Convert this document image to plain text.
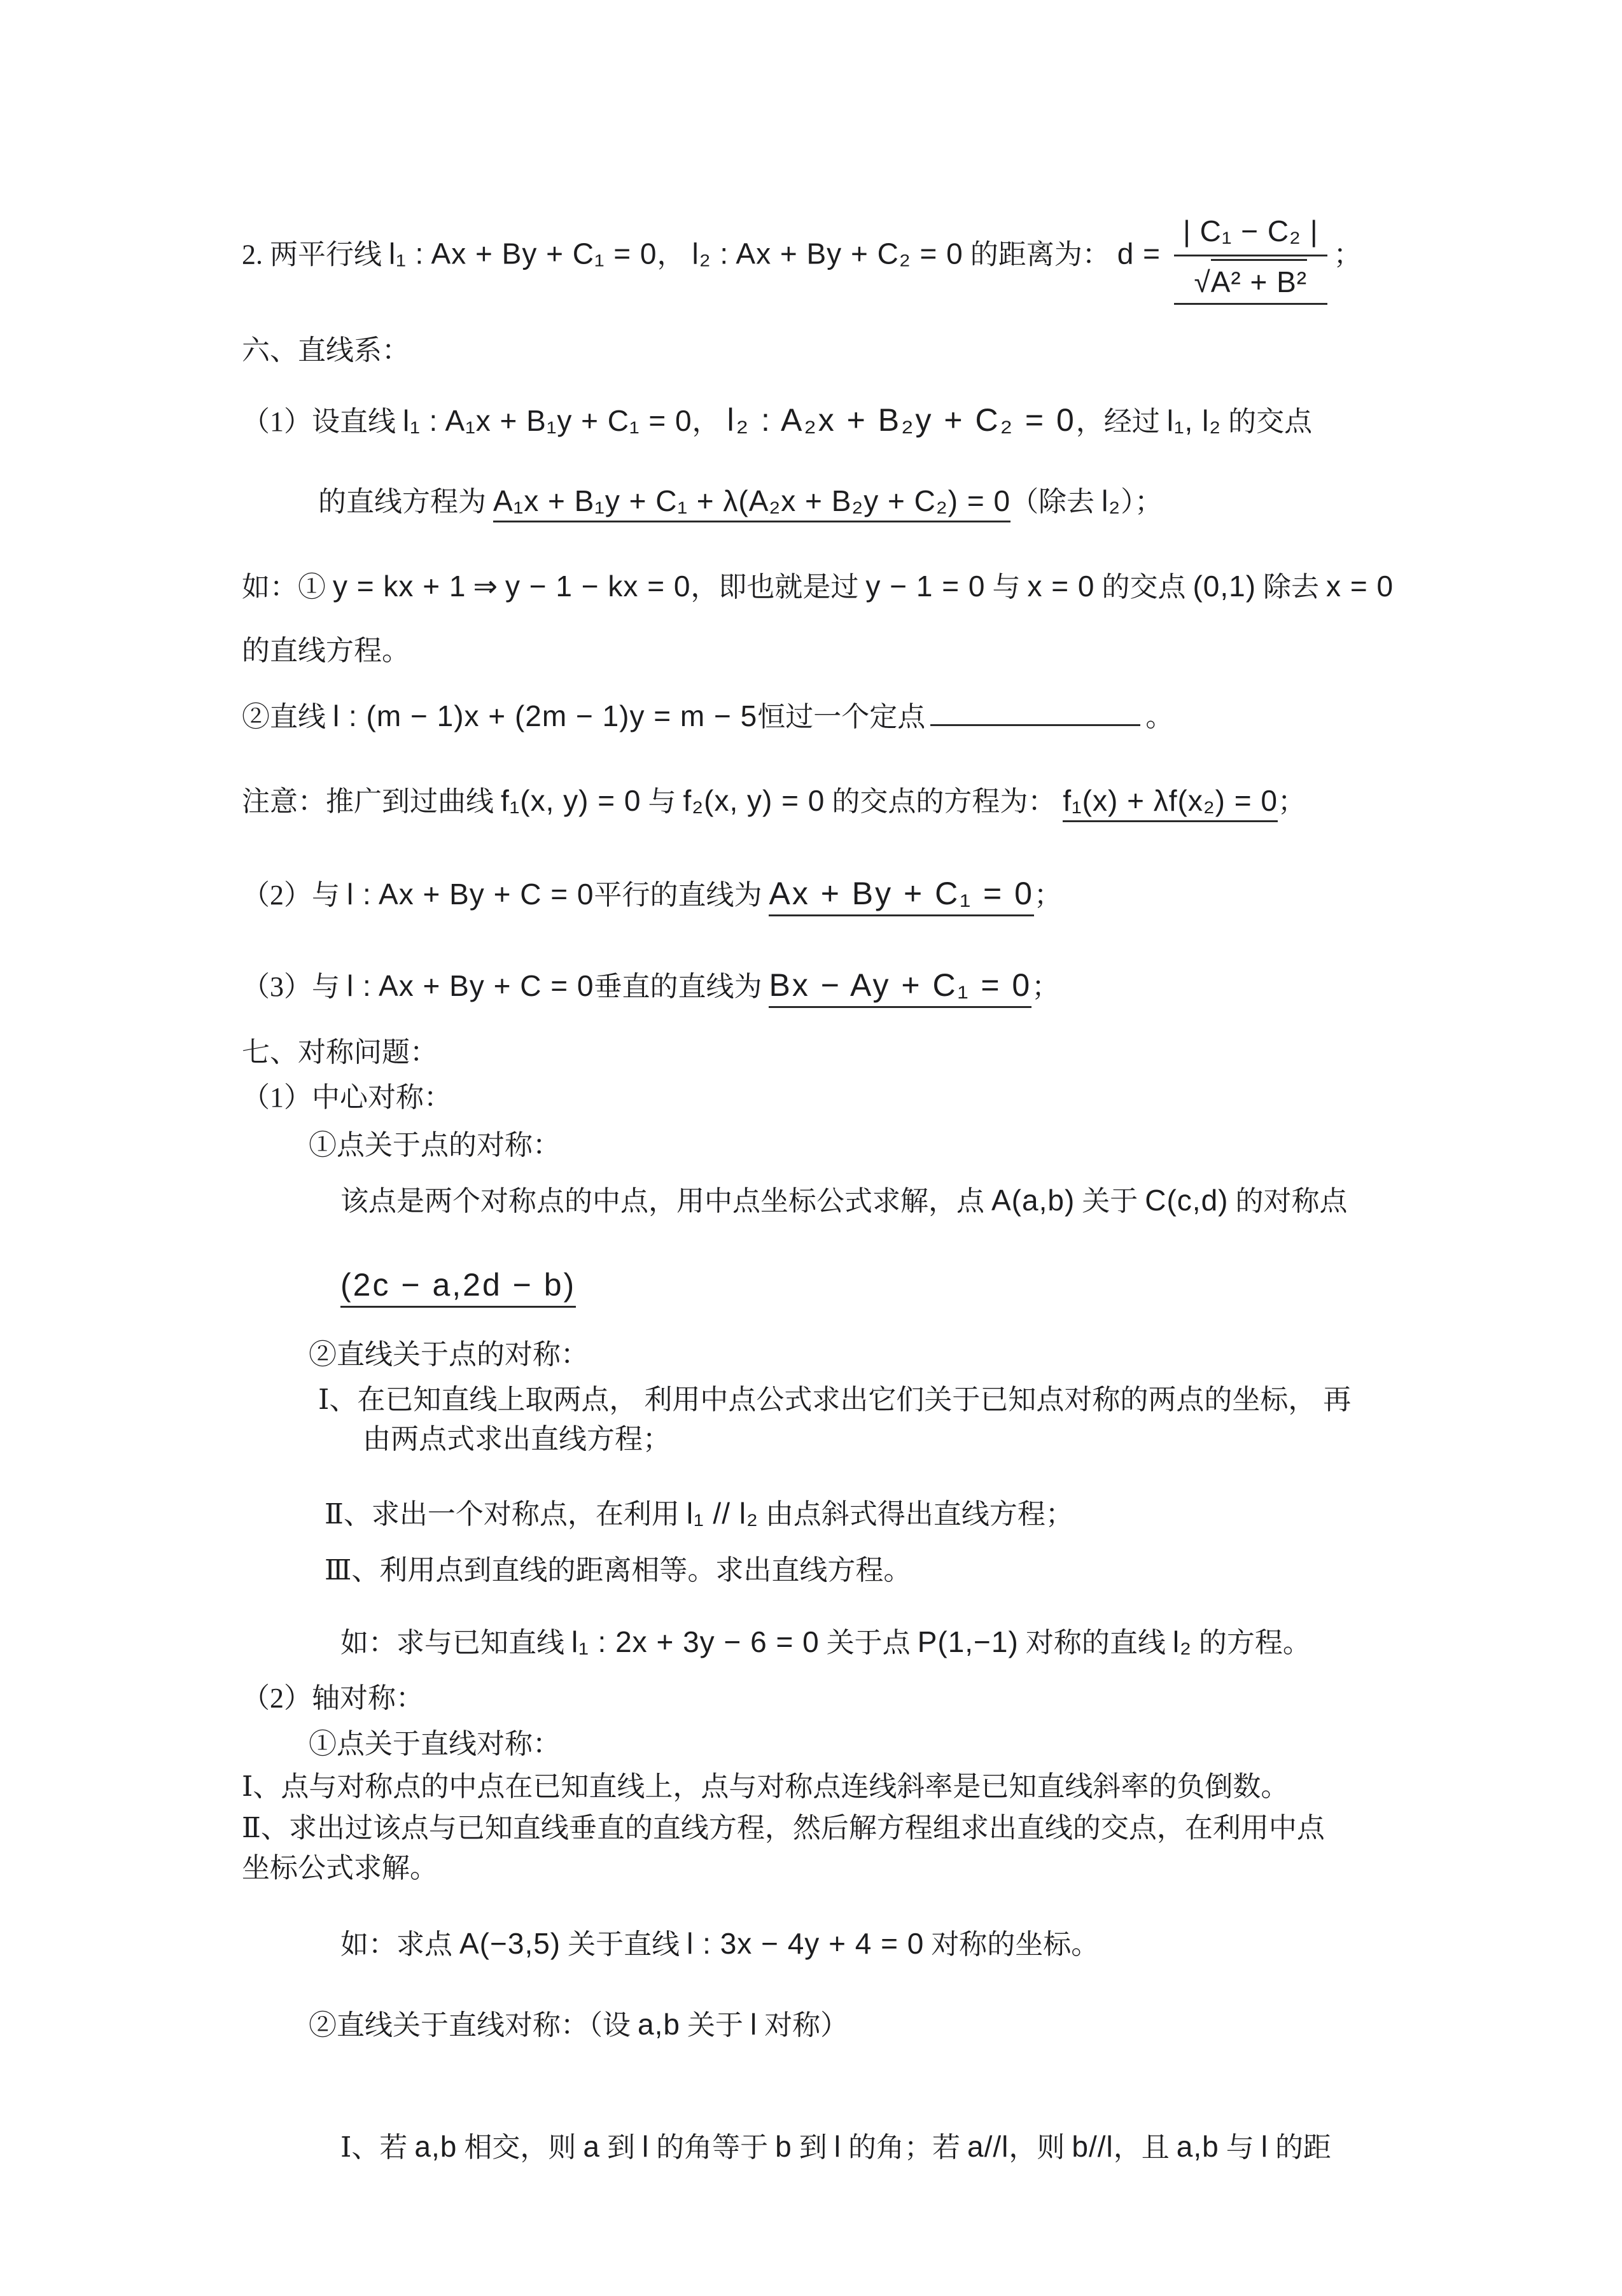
2. 两平行线 l₁ : Ax + By + C₁ = 0， l₂ : Ax + By + C₂ = 0 的距离为： $d = \frac{\text{| C₁ − C₂ |}}{\text{√A² + B²}}$ ；

六、直线系：

（1）设直线 l₁ : A₁x + B₁y + C₁ = 0， l₂ : A₂x + B₂y + C₂ = 0，经过 l₁, l₂ 的交点

的直线方程为 A₁x + B₁y + C₁ + λ(A₂x + B₂y + C₂) = 0（除去 l₂）；

如：① y = kx + 1 ⇒ y − 1 − kx = 0，即也就是过 y − 1 = 0 与 x = 0 的交点 (0,1) 除去 x = 0

的直线方程。

②直线 l : (m − 1)x + (2m − 1)y = m − 5恒过一个定点	。

注意：推广到过曲线 f₁(x, y) = 0 与 f₂(x, y) = 0 的交点的方程为： f₁(x) + λf(x₂) = 0；

（2）与 l : Ax + By + C = 0平行的直线为 Ax + By + C₁ = 0；

（3）与 l : Ax + By + C = 0垂直的直线为 Bx − Ay + C₁ = 0；

七、对称问题：

（1）中心对称：

①点关于点的对称：

该点是两个对称点的中点，用中点坐标公式求解，点 A(a,b) 关于 C(c,d) 的对称点

(2c − a,2d − b)

②直线关于点的对称：

Ⅰ、在已知直线上取两点， 利用中点公式求出它们关于已知点对称的两点的坐标， 再

由两点式求出直线方程；

Ⅱ、求出一个对称点，在利用 l₁ // l₂ 由点斜式得出直线方程；

Ⅲ、利用点到直线的距离相等。求出直线方程。

如：求与已知直线 l₁ : 2x + 3y − 6 = 0 关于点 P(1,−1) 对称的直线 l₂ 的方程。

（2）轴对称：

①点关于直线对称：

Ⅰ、点与对称点的中点在已知直线上，点与对称点连线斜率是已知直线斜率的负倒数。

Ⅱ、求出过该点与已知直线垂直的直线方程，然后解方程组求出直线的交点，在利用中点

坐标公式求解。

如：求点 A(−3,5) 关于直线 l : 3x − 4y + 4 = 0 对称的坐标。

②直线关于直线对称：（设 a,b 关于 l 对称）

Ⅰ、若 a,b 相交，则 a 到 l 的角等于 b 到 l 的角；若 a//l，则 b//l，且 a,b 与 l 的距
